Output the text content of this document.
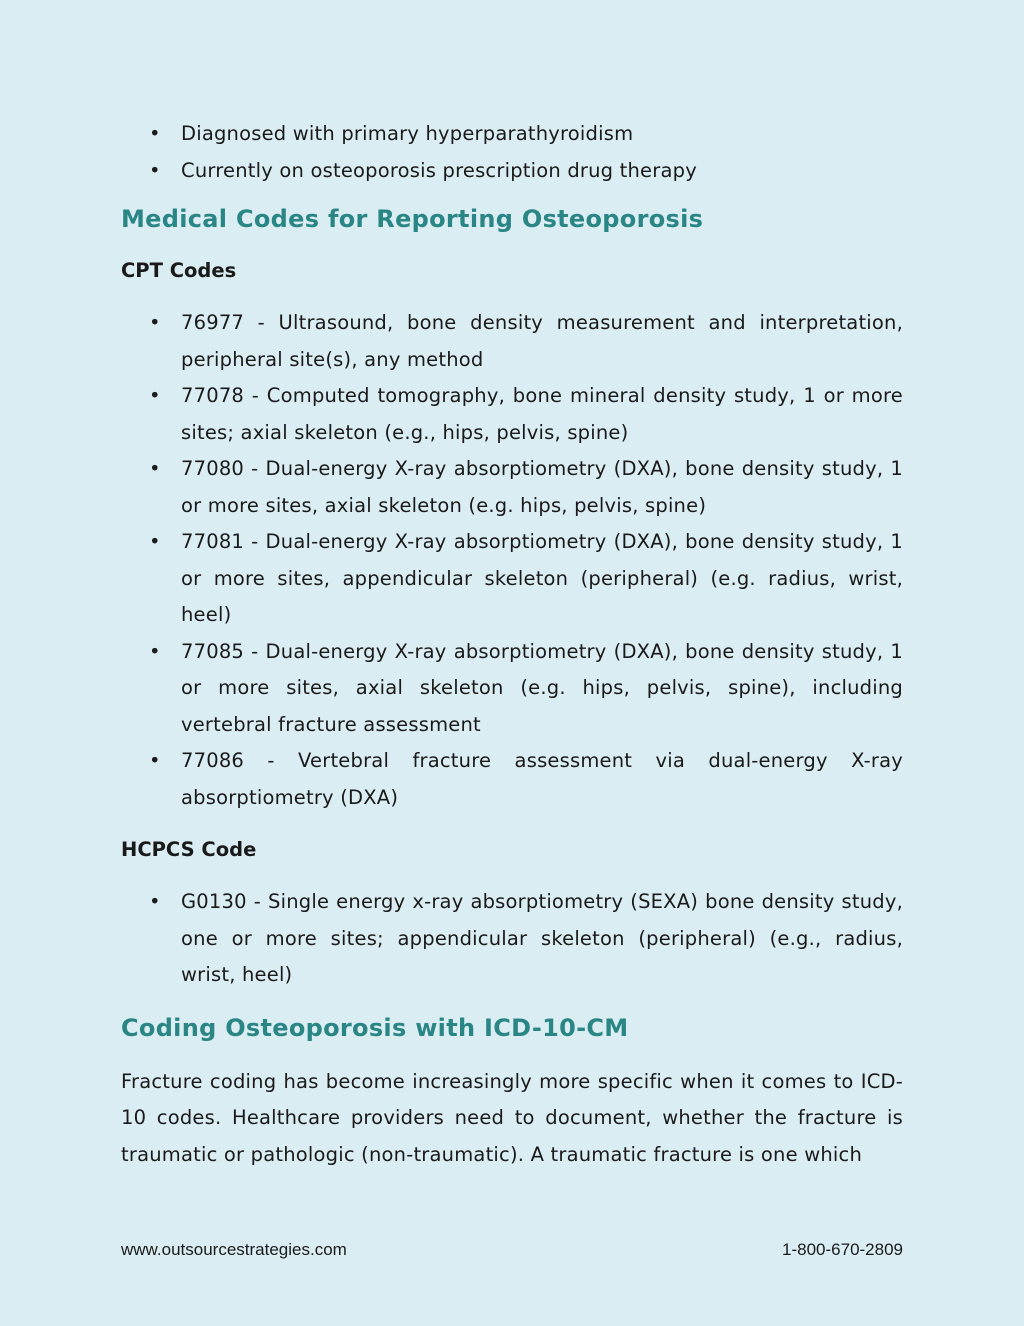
• Diagnosed with primary hyperparathyroidism
• Currently on osteoporosis prescription drug therapy
Medical Codes for Reporting Osteoporosis
CPT Codes
• 76977 - Ultrasound, bone density measurement and interpretation, peripheral site(s), any method
• 77078 - Computed tomography, bone mineral density study, 1 or more sites; axial skeleton (e.g., hips, pelvis, spine)
• 77080 - Dual-energy X-ray absorptiometry (DXA), bone density study, 1 or more sites, axial skeleton (e.g. hips, pelvis, spine)
• 77081 - Dual-energy X-ray absorptiometry (DXA), bone density study, 1 or more sites, appendicular skeleton (peripheral) (e.g. radius, wrist, heel)
• 77085 - Dual-energy X-ray absorptiometry (DXA), bone density study, 1 or more sites, axial skeleton (e.g. hips, pelvis, spine), including vertebral fracture assessment
• 77086 - Vertebral fracture assessment via dual-energy X-ray absorptiometry (DXA)
HCPCS Code
• G0130 - Single energy x-ray absorptiometry (SEXA) bone density study, one or more sites; appendicular skeleton (peripheral) (e.g., radius, wrist, heel)
Coding Osteoporosis with ICD-10-CM

Fracture coding has become increasingly more specific when it comes to ICD-10 codes. Healthcare providers need to document, whether the fracture is traumatic or pathologic (non-traumatic). A traumatic fracture is one which

www.outsourcestrategies.com	1-800-670-2809
